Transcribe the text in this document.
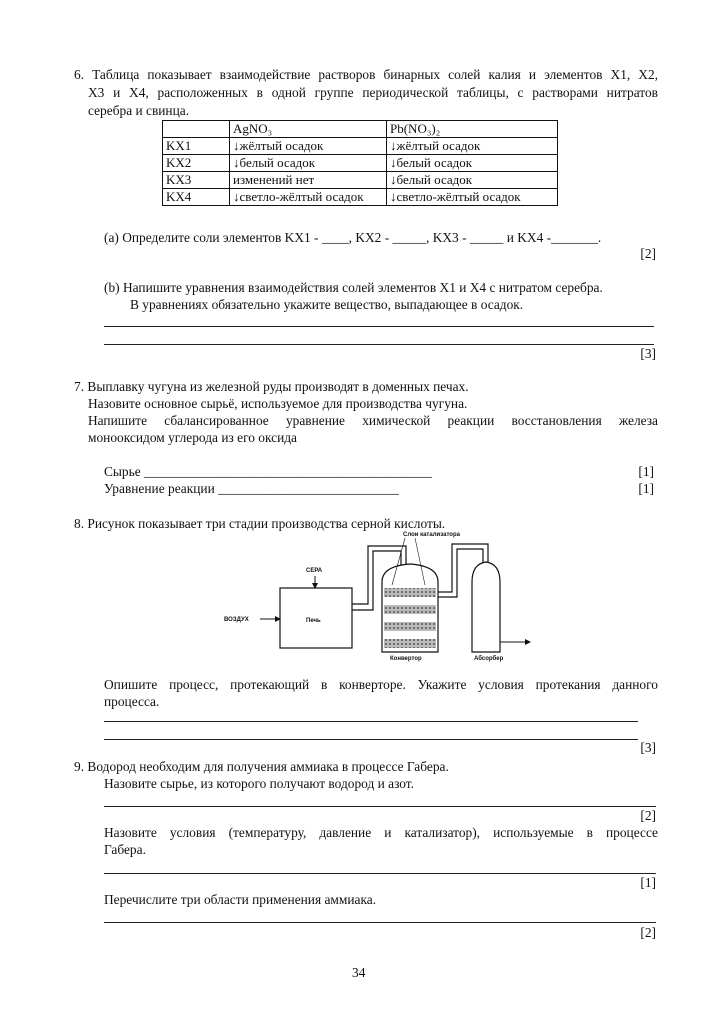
6. Таблица показывает взаимодействие растворов бинарных солей калия и элементов X1, X2,
X3 и X4, расположенных в одной группе периодической таблицы, с растворами нитратов
серебра и свинца.
	AgNO₃	Pb(NO₃)₂
KX1	↓жёлтый осадок	↓жёлтый осадок
KX2	↓белый осадок	↓белый осадок
KX3	изменений нет	↓белый осадок
KX4	↓светло-жёлтый осадок	↓светло-жёлтый осадок
(a) Определите соли элементов KX1 - ____, KX2 - _____, KX3 - _____ и KX4 -_______.
[2]
(b) Напишите уравнения взаимодействия солей элементов X1 и X4 с нитратом серебра.
В уравнениях обязательно укажите вещество, выпадающее в осадок.
[3]
7. Выплавку чугуна из железной руды производят в доменных печах.
Назовите основное сырьё, используемое для производства чугуна.
Напишите сбалансированное уравнение химической реакции восстановления железа
монооксидом углерода из его оксида
Сырье ___________________________________________	[1]
Уравнение реакции ___________________________	[1]
8. Рисунок показывает три стадии производства серной кислоты.
Печь
СЕРА
ВОЗДУХ
Слои катализатора
Конвертор	Абсорбер
Опишите процесс, протекающий в конверторе. Укажите условия протекания данного
процесса.
[3]
9. Водород необходим для получения аммиака в процессе Габера.
Назовите сырье, из которого получают водород и азот.
[2]
Назовите условия (температуру, давление и катализатор), используемые в процессе
Габера.
[1]
Перечислите три области применения аммиака.
[2]
34
